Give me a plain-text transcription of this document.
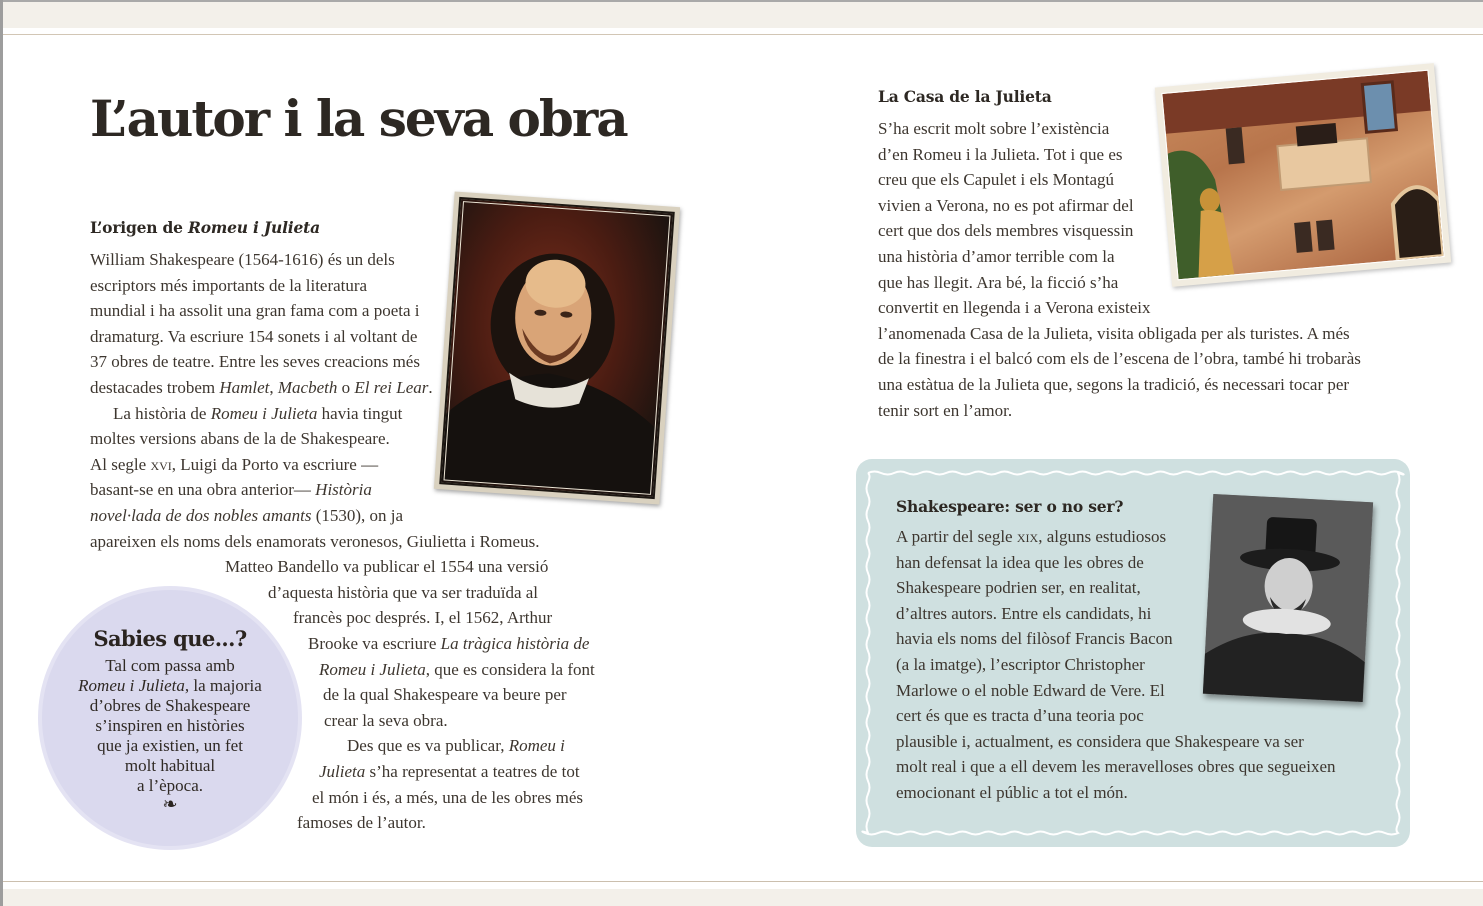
L’autor i la seva obra
L’origen de Romeu i Julieta
William Shakespeare (1564-1616) és un dels
escriptors més importants de la literatura
mundial i ha assolit una gran fama com a poeta i
dramaturg. Va escriure 154 sonets i al voltant de
37 obres de teatre. Entre les seves creacions més
destacades trobem Hamlet, Macbeth o El rei Lear.
La història de Romeu i Julieta havia tingut
moltes versions abans de la de Shakespeare.
Al segle xvi, Luigi da Porto va escriure —
basant-se en una obra anterior— Història
novel·lada de dos nobles amants (1530), on ja
apareixen els noms dels enamorats veronesos, Giulietta i Romeus.
Matteo Bandello va publicar el 1554 una versió
d’aquesta història que va ser traduïda al
francès poc després. I, el 1562, Arthur
Brooke va escriure La tràgica història de
Romeu i Julieta, que es considera la font
de la qual Shakespeare va beure per
crear la seva obra.
Des que es va publicar, Romeu i
Julieta s’ha representat a teatres de tot
el món i és, a més, una de les obres més
famoses de l’autor.
Sabies que...?
Tal com passa amb
Romeu i Julieta, la majoria
d’obres de Shakespeare
s’inspiren en històries
que ja existien, un fet
molt habitual
a l’època.
❧
La Casa de la Julieta
S’ha escrit molt sobre l’existència
d’en Romeu i la Julieta. Tot i que es
creu que els Capulet i els Montagú
vivien a Verona, no es pot afirmar del
cert que dos dels membres visquessin
una història d’amor terrible com la
que has llegit. Ara bé, la ficció s’ha
convertit en llegenda i a Verona existeix
l’anomenada Casa de la Julieta, visita obligada per als turistes. A més
de la finestra i el balcó com els de l’escena de l’obra, també hi trobaràs
una estàtua de la Julieta que, segons la tradició, és necessari tocar per
tenir sort en l’amor.
Shakespeare: ser o no ser?
A partir del segle xix, alguns estudiosos
han defensat la idea que les obres de
Shakespeare podrien ser, en realitat,
d’altres autors. Entre els candidats, hi
havia els noms del filòsof Francis Bacon
(a la imatge), l’escriptor Christopher
Marlowe o el noble Edward de Vere. El
cert és que es tracta d’una teoria poc
plausible i, actualment, es considera que Shakespeare va ser
molt real i que a ell devem les meravelloses obres que segueixen
emocionant el públic a tot el món.
